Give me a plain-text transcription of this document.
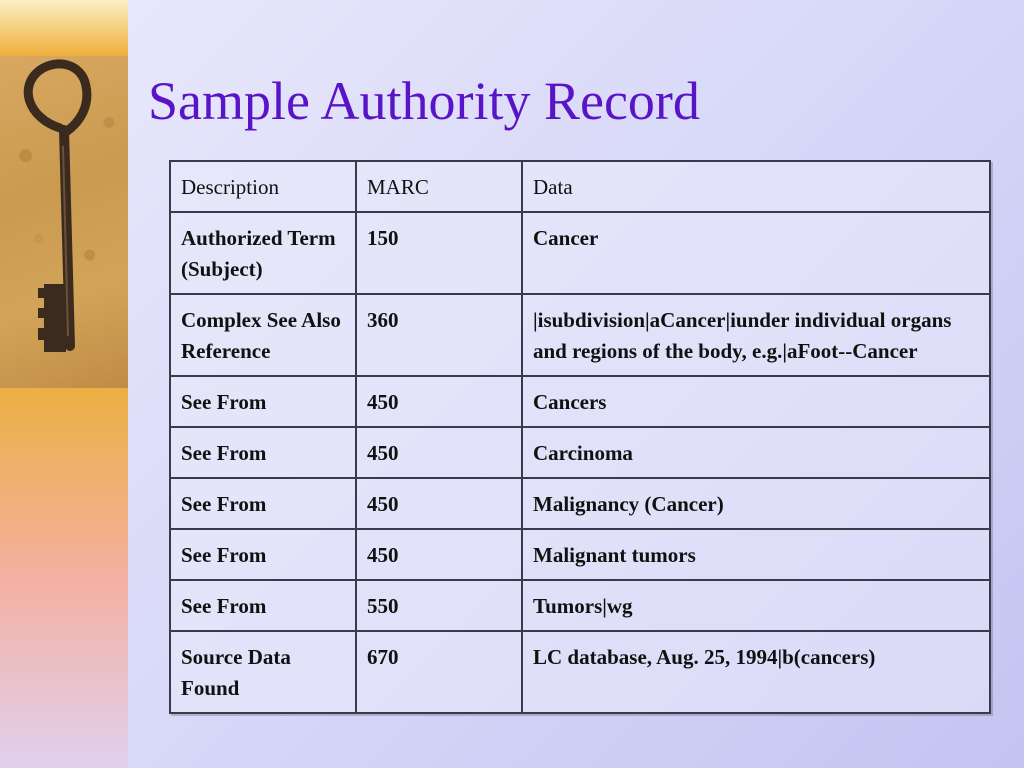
Sample Authority Record
Description	MARC	Data
Authorized Term (Subject)	150	Cancer
Complex See Also Reference	360	|isubdivision|aCancer|iunder individual organs and regions of the body, e.g.|aFoot--Cancer
See From	450	Cancers
See From	450	Carcinoma
See From	450	Malignancy (Cancer)
See From	450	Malignant tumors
See From	550	Tumors|wg
Source Data Found	670	LC database, Aug. 25, 1994|b(cancers)
